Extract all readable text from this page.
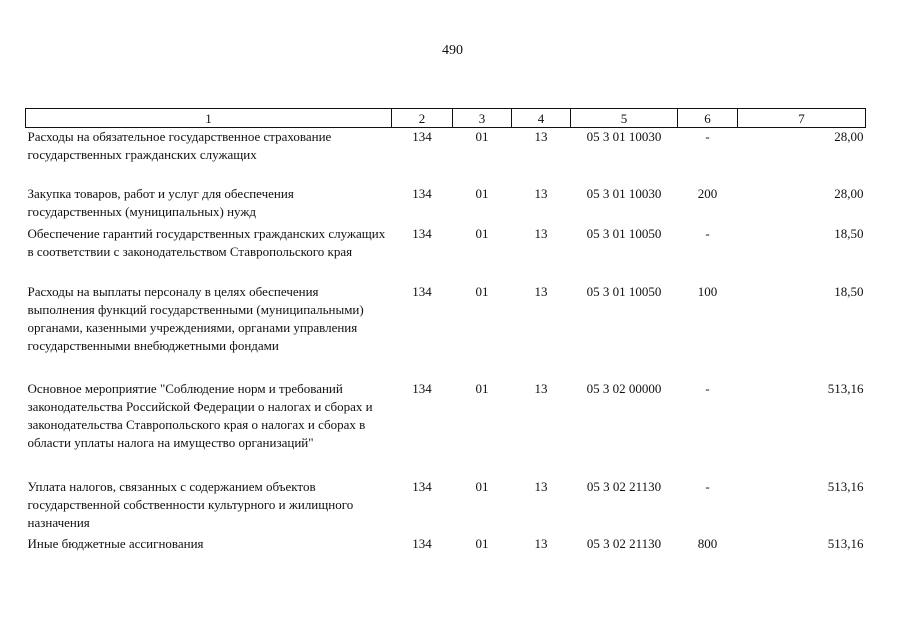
490
1	2	3	4	5	6	7
Расходы на обязательное государственное страхование государственных гражданских служащих	134	01	13	05 3 01 10030	-	28,00
Закупка товаров, работ и услуг для обеспечения государственных (муниципальных) нужд	134	01	13	05 3 01 10030	200	28,00
Обеспечение гарантий государственных гражданских служащих в соответствии с законодательством Ставропольского края	134	01	13	05 3 01 10050	-	18,50
Расходы на выплаты персоналу в целях обеспечения выполнения функций государственными (муниципальными) органами, казенными учреждениями, органами управления государственными внебюджетными фондами	134	01	13	05 3 01 10050	100	18,50
Основное мероприятие "Соблюдение норм и требований законодательства Российской Федерации о налогах и сборах и законодательства Ставропольского края о налогах и сборах в области уплаты налога на имущество организаций"	134	01	13	05 3 02 00000	-	513,16
Уплата налогов, связанных с содержанием объектов государственной собственности культурного и жилищного назначения	134	01	13	05 3 02 21130	-	513,16
Иные бюджетные ассигнования	134	01	13	05 3 02 21130	800	513,16
